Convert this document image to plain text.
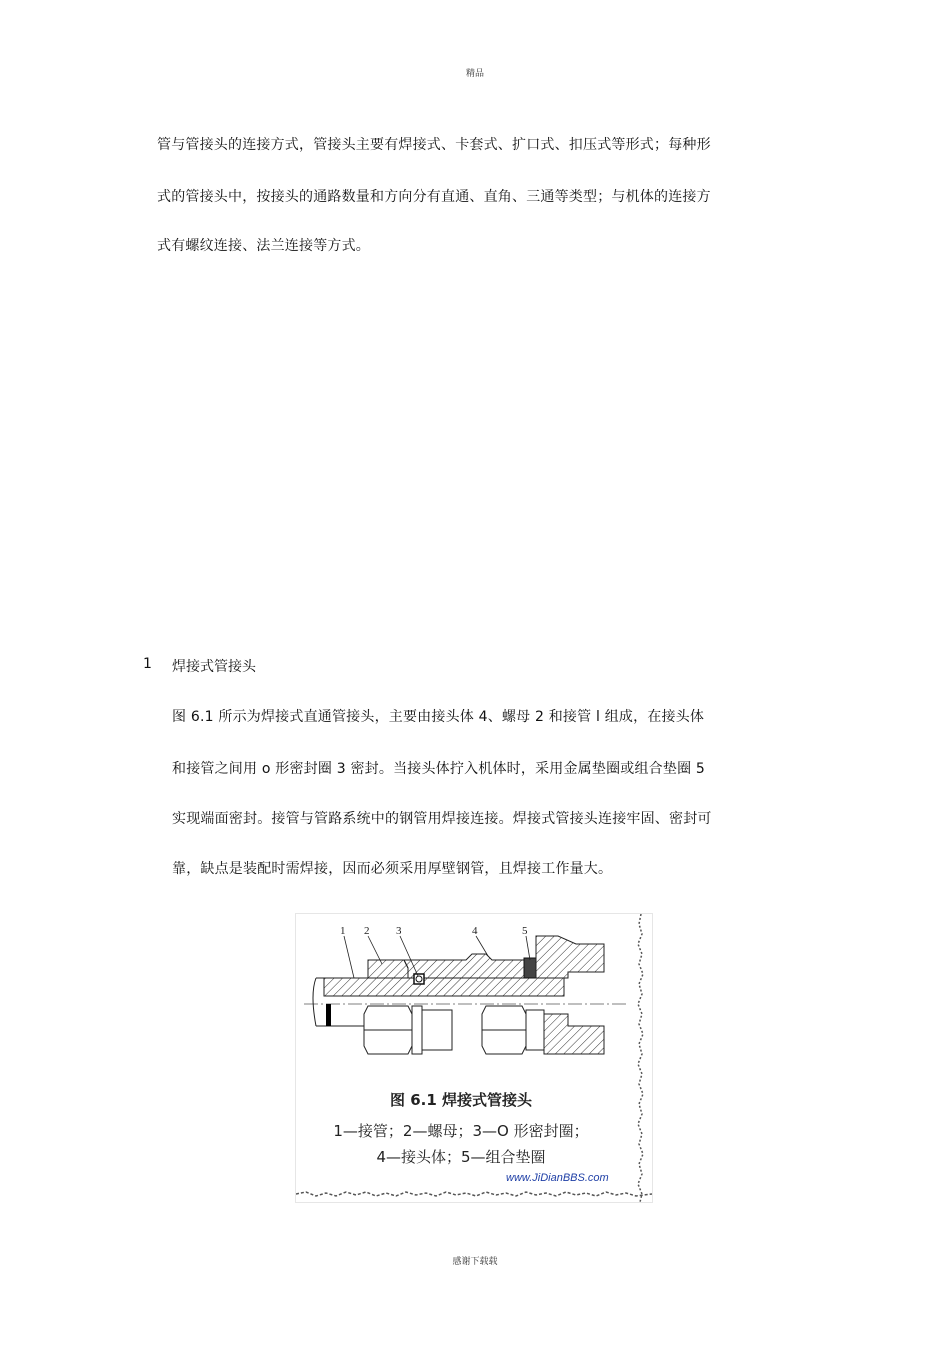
精品
管与管接头的连接方式，管接头主要有焊接式、卡套式、扩口式、扣压式等形式；每种形
式的管接头中，按接头的通路数量和方向分有直通、直角、三通等类型；与机体的连接方
式有螺纹连接、法兰连接等方式。
1 焊接式管接头
图 6.1 所示为焊接式直通管接头，主要由接头体 4、螺母 2 和接管 l 组成，在接头体
和接管之间用 o 形密封圈 3 密封。当接头体拧入机体时，采用金属垫圈或组合垫圈 5
实现端面密封。接管与管路系统中的钢管用焊接连接。焊接式管接头连接牢固、密封可
靠，缺点是装配时需焊接，因而必须采用厚壁钢管，且焊接工作量大。
1 2 3	4	5
图 6.1 焊接式管接头
1—接管；2—螺母；3—O 形密封圈；
4—接头体；5—组合垫圈
www.JiDianBBS.com
感谢下载载
